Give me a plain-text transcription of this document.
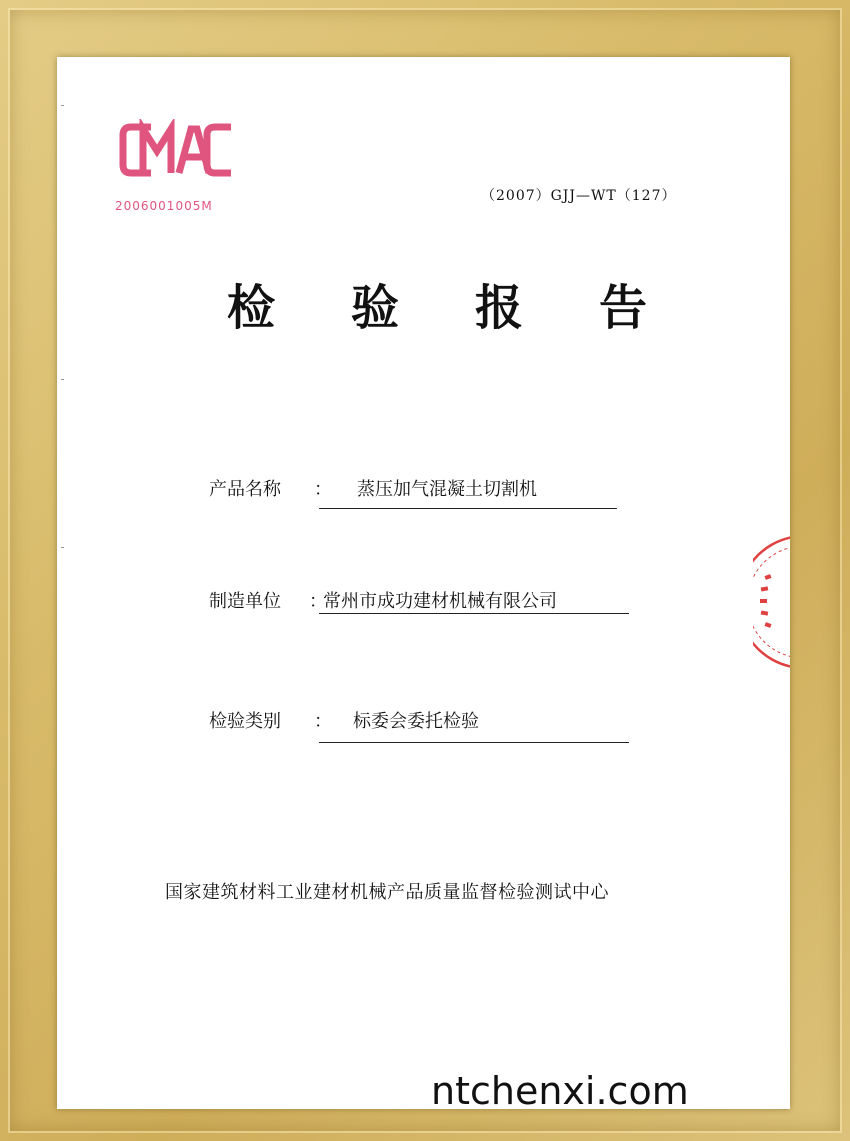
2006001005M
（2007）GJJ—WT（127）
检 验 报 告
产品名称 ： 蒸压加气混凝土切割机
制造单位 ：
常州市成功建材机械有限公司
检验类别 ： 标委会委托检验
国家建筑材料工业建材机械产品质量监督检验测试中心
ntchenxi.com
